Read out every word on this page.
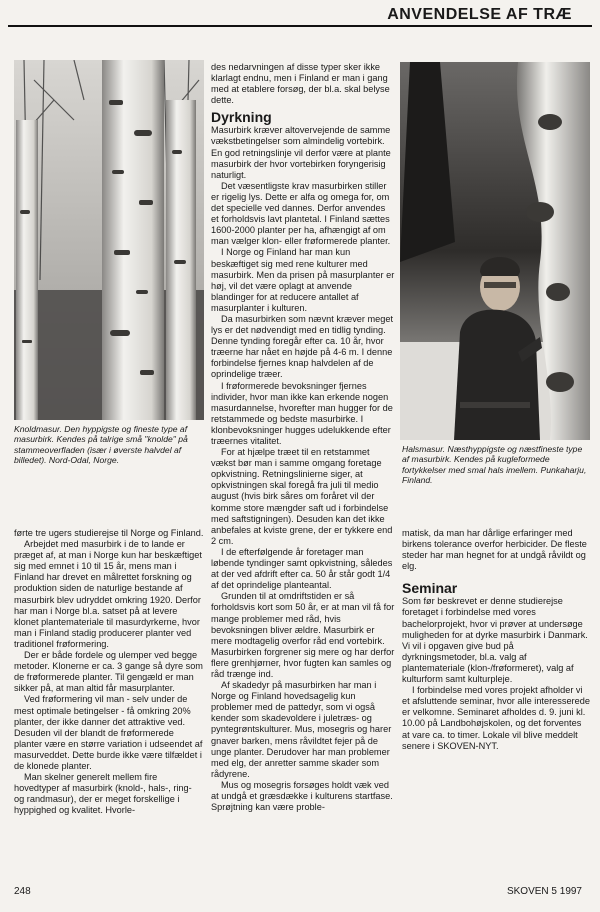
ANVENDELSE AF TRÆ
Knoldmasur. Den hyppigste og fineste type af masurbirk. Kendes på talrige små "knolde" på stammeoverfladen (især i øverste halvdel af billedet). Nord-Odal, Norge.
Halsmasur. Næsthyppigste og næstfineste type af masurbirk. Kendes på kugleformede fortykkelser med smal hals imellem. Punkaharju, Finland.

des nedarvningen af disse typer sker ikke klarlagt endnu, men i Finland er man i gang med at etablere forsøg, der bl.a. skal belyse dette.

Dyrkning

Masurbirk kræver altovervejende de samme vækstbetingelser som almindelig vortebirk. En god retningslinje vil derfor være at plante masurbirk der hvor vortebirken foryngerisig naturligt.

Det væsentligste krav masurbirken stiller er rigelig lys. Dette er alfa og omega for, om det specielle ved dannes. Derfor anvendes et forholdsvis lavt plantetal. I Finland sættes 1600-2000 planter per ha, afhængigt af om man vælger klon- eller frøformerede planter.

I Norge og Finland har man kun beskæftiget sig med rene kulturer med masurbirk. Men da prisen på masurplanter er høj, vil det være oplagt at anvende blandinger for at reducere antallet af masurplanter i kulturen.

Da masurbirken som nævnt kræver meget lys er det nødvendigt med en tidlig tynding. Denne tynding foregår efter ca. 10 år, hvor træerne har nået en højde på 4-6 m. I denne forbindelse fjernes knap halvdelen af de oprindelige træer.

I frøformerede bevoksninger fjernes individer, hvor man ikke kan erkende nogen masurdannelse, hvorefter man hugger for de retstammede og bedste masurbirke. I klonbevoksninger hugges udelukkende efter træernes vitalitet.

For at hjælpe træet til en retstammet vækst bør man i samme omgang foretage opkvistning. Retningslinierne siger, at opkvistningen skal foregå fra juli til medio august (hvis birk såres om foråret vil der komme store mængder saft ud i forbindelse med saftstigningen). Desuden kan det ikke anbefales at kviste grene, der er tykkere end 2 cm.

I de efterfølgende år foretager man løbende tyndinger samt opkvistning, således at der ved afdrift efter ca. 50 år står godt 1/4 af det oprindelige planteantal.

Grunden til at omdriftstiden er så forholdsvis kort som 50 år, er at man vil få for mange problemer med råd, hvis bevoksningen bliver ældre. Masurbirk er mere modtagelig overfor råd end vortebirk. Masurbirken forgrener sig mere og har derfor flere grenhjørner, hvor fugten kan samles og råd trænge ind.

Af skadedyr på masurbirken har man i Norge og Finland hovedsagelig kun problemer med de pattedyr, som vi også kender som skadevoldere i juletræs- og pyntegrøntskulturer. Mus, mosegris og harer gnaver barken, mens råvildtet fejer på de unge planter. Derudover har man problemer med elg, der anretter samme skader som rådyrene.

Mus og mosegris forsøges holdt væk ved at undgå et græsdække i kulturens startfase. Sprøjtning kan være proble-

førte tre ugers studierejse til Norge og Finland.

Arbejdet med masurbirk i de to lande er præget af, at man i Norge kun har beskæftiget sig med emnet i 10 til 15 år, mens man i Finland har drevet en målrettet forskning og produktion siden de naturlige bestande af masurbirk blev udryddet omkring 1920. Derfor har man i Norge bl.a. satset på at levere klonet plantemateriale til masurdyrkerne, hvor man i Finland stadig producerer planter ved traditionel frøformering.

Der er både fordele og ulemper ved begge metoder. Klonerne er ca. 3 gange så dyre som de frøformerede planter. Til gengæld er man sikker på, at man altid får masurplanter.

Ved frøformering vil man - selv under de mest optimale betingelser - få omkring 20% planter, der ikke danner det attraktive ved. Desuden vil der blandt de frøformerede planter være en større variation i udseendet af masurveddet. Dette burde ikke være tilfældet i de klonede planter.

Man skelner generelt mellem fire hovedtyper af masurbirk (knold-, hals-, ring- og randmasur), der er meget forskellige i hyppighed og kvalitet. Hvorle-

matisk, da man har dårlige erfaringer med birkens tolerance overfor herbicider. De fleste steder har man hegnet for at undgå råvildt og elg.

Seminar

Som før beskrevet er denne studierejse foretaget i forbindelse med vores bachelorprojekt, hvor vi prøver at undersøge muligheden for at dyrke masurbirk i Danmark. Vi vil i opgaven give bud på dyrkningsmetoder, bl.a. valg af plantemateriale (klon-/frøformeret), valg af kulturform samt kulturpleje.

I forbindelse med vores projekt afholder vi et afsluttende seminar, hvor alle interesserede er velkomne. Seminaret afholdes d. 9. juni kl. 10.00 på Landbohøjskolen, og det forventes at vare ca. to timer. Lokale vil blive meddelt senere i SKOVEN-NYT.

248	SKOVEN 5 1997
